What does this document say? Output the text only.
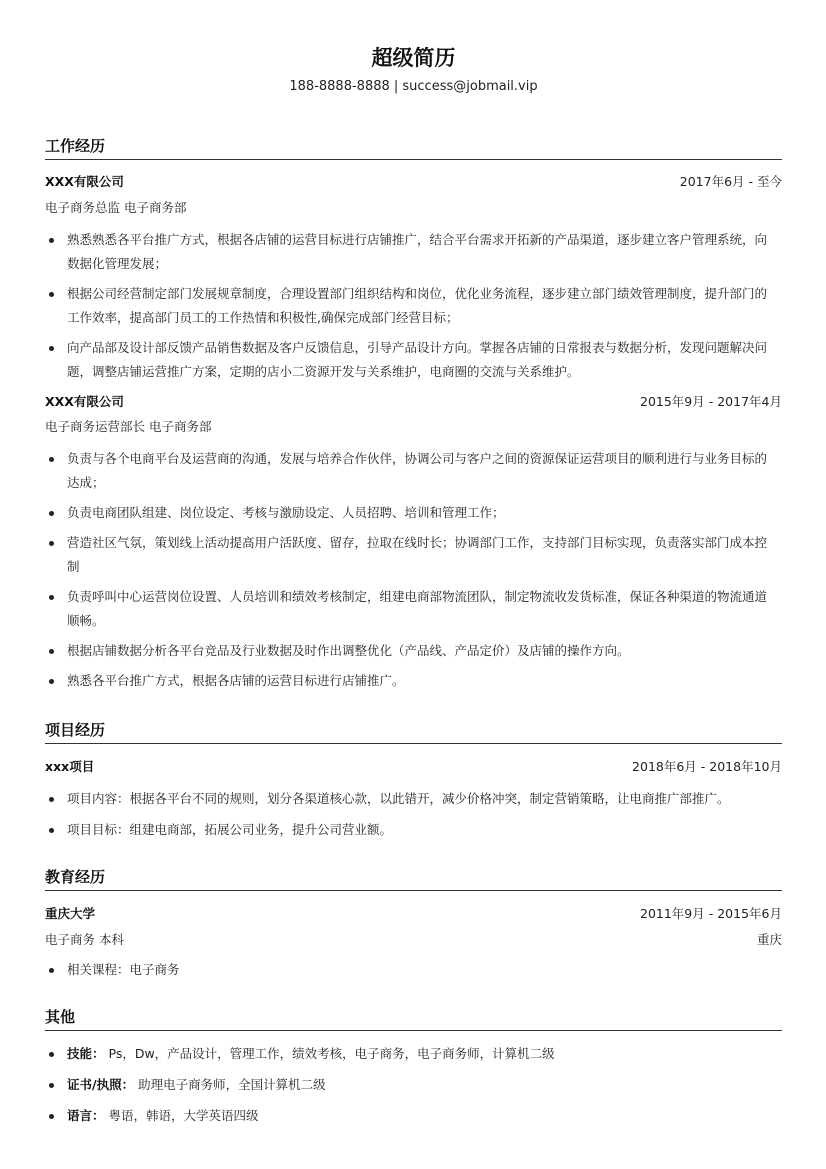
超级简历
188-8888-8888 | success@jobmail.vip
工作经历
XXX有限公司	2017年6月 - 至今
电子商务总监 电子商务部
熟悉熟悉各平台推广方式，根据各店铺的运营目标进行店铺推广，结合平台需求开拓新的产品渠道，逐步建立客户管理系统，向数据化管理发展；
根据公司经营制定部门发展规章制度，合理设置部门组织结构和岗位，优化业务流程，逐步建立部门绩效管理制度，提升部门的工作效率，提高部门员工的工作热情和积极性,确保完成部门经营目标；
向产品部及设计部反馈产品销售数据及客户反馈信息，引导产品设计方向。掌握各店铺的日常报表与数据分析，发现问题解决问题，调整店铺运营推广方案，定期的店小二资源开发与关系维护，电商圈的交流与关系维护。
XXX有限公司	2015年9月 - 2017年4月
电子商务运营部长 电子商务部
负责与各个电商平台及运营商的沟通，发展与培养合作伙伴，协调公司与客户之间的资源保证运营项目的顺利进行与业务目标的达成；
负责电商团队组建、岗位设定、考核与激励设定、人员招聘、培训和管理工作；
营造社区气氛，策划线上活动提高用户活跃度、留存，拉取在线时长；协调部门工作，支持部门目标实现，负责落实部门成本控制
负责呼叫中心运营岗位设置、人员培训和绩效考核制定，组建电商部物流团队，制定物流收发货标准，保证各种渠道的物流通道顺畅。
根据店铺数据分析各平台竞品及行业数据及时作出调整优化（产品线、产品定价）及店铺的操作方向。
熟悉各平台推广方式，根据各店铺的运营目标进行店铺推广。
项目经历
xxx项目	2018年6月 - 2018年10月
项目内容：根据各平台不同的规则，划分各渠道核心款，以此错开，减少价格冲突，制定营销策略，让电商推广部推广。
项目目标：组建电商部，拓展公司业务，提升公司营业额。
教育经历
重庆大学	2011年9月 - 2015年6月
电子商务 本科	重庆
相关课程：电子商务
其他
技能： Ps，Dw，产品设计，管理工作，绩效考核，电子商务，电子商务师，计算机二级
证书/执照： 助理电子商务师，全国计算机二级
语言： 粤语，韩语，大学英语四级
